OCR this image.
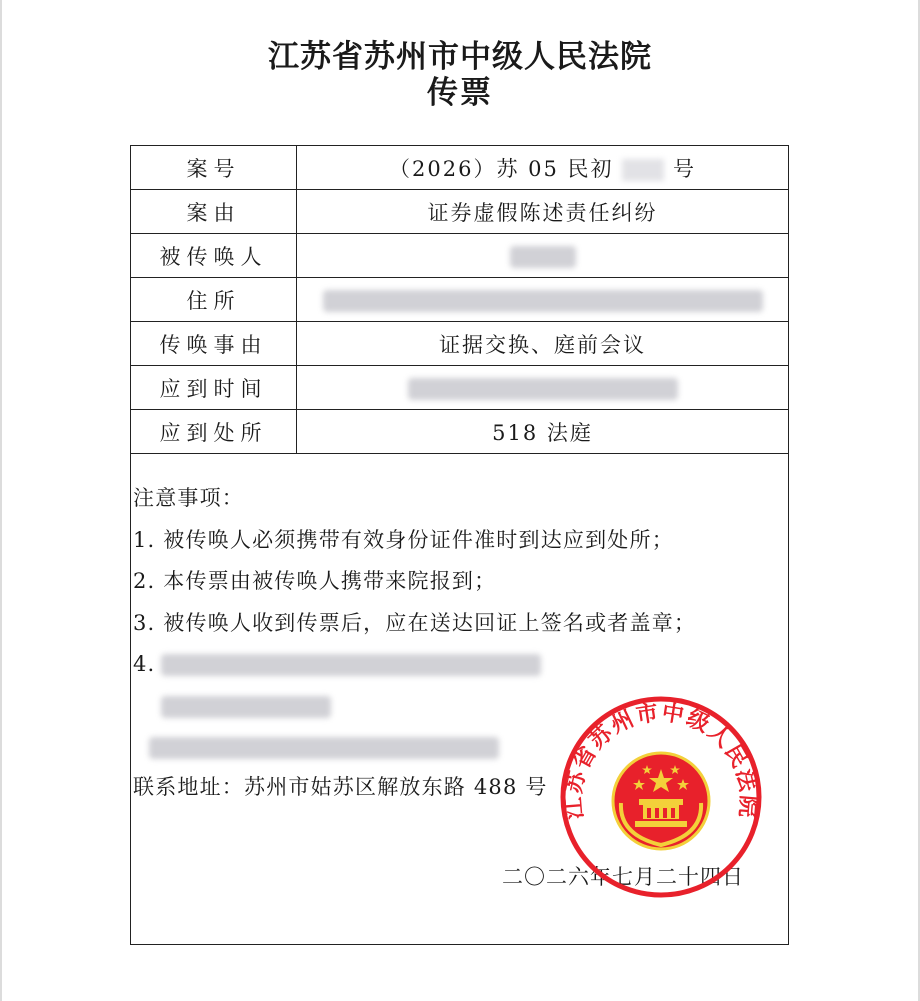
江苏省苏州市中级人民法院
传票
案号	（2026）苏 05 民初 号
案由	证券虚假陈述责任纠纷
被传唤人	
住所	
传唤事由	证据交换、庭前会议
应到时间	
应到处所	518 法庭
注意事项：
1. 被传唤人必须携带有效身份证件准时到达应到处所；
2. 本传票由被传唤人携带来院报到；
3. 被传唤人收到传票后，应在送达回证上签名或者盖章；
4.
联系地址：苏州市姑苏区解放东路 488 号
二〇二六年七月二十四日
江苏省苏州市中级人民法院
